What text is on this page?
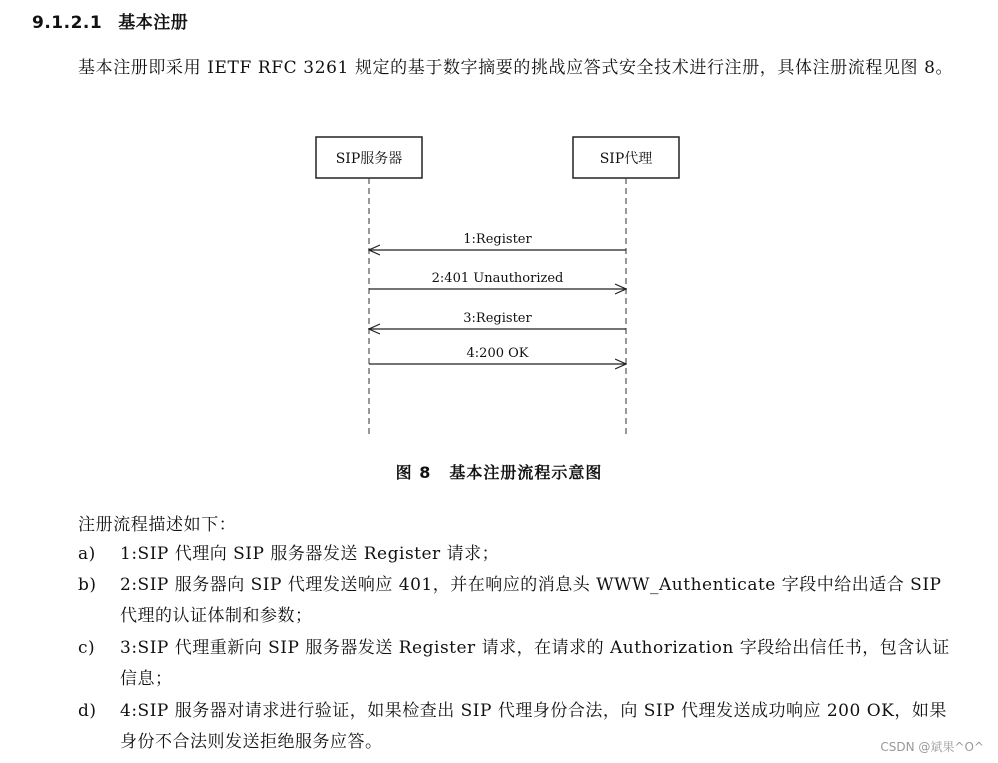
9.1.2.1 基本注册
基本注册即采用 IETF RFC 3261 规定的基于数字摘要的挑战应答式安全技术进行注册，具体注册流程见图 8。
SIP服务器	SIP代理
1:Register
2:401 Unauthorized
3:Register
4:200 OK
图 8 基本注册流程示意图
注册流程描述如下：
a)	1:SIP 代理向 SIP 服务器发送 Register 请求；
b)	2:SIP 服务器向 SIP 代理发送响应 401，并在响应的消息头 WWW_Authenticate 字段中给出适合 SIP 代理的认证体制和参数；
c)	3:SIP 代理重新向 SIP 服务器发送 Register 请求，在请求的 Authorization 字段给出信任书，包含认证信息；
d)	4:SIP 服务器对请求进行验证，如果检查出 SIP 代理身份合法，向 SIP 代理发送成功响应 200 OK，如果身份不合法则发送拒绝服务应答。	CSDN @斌果^O^
